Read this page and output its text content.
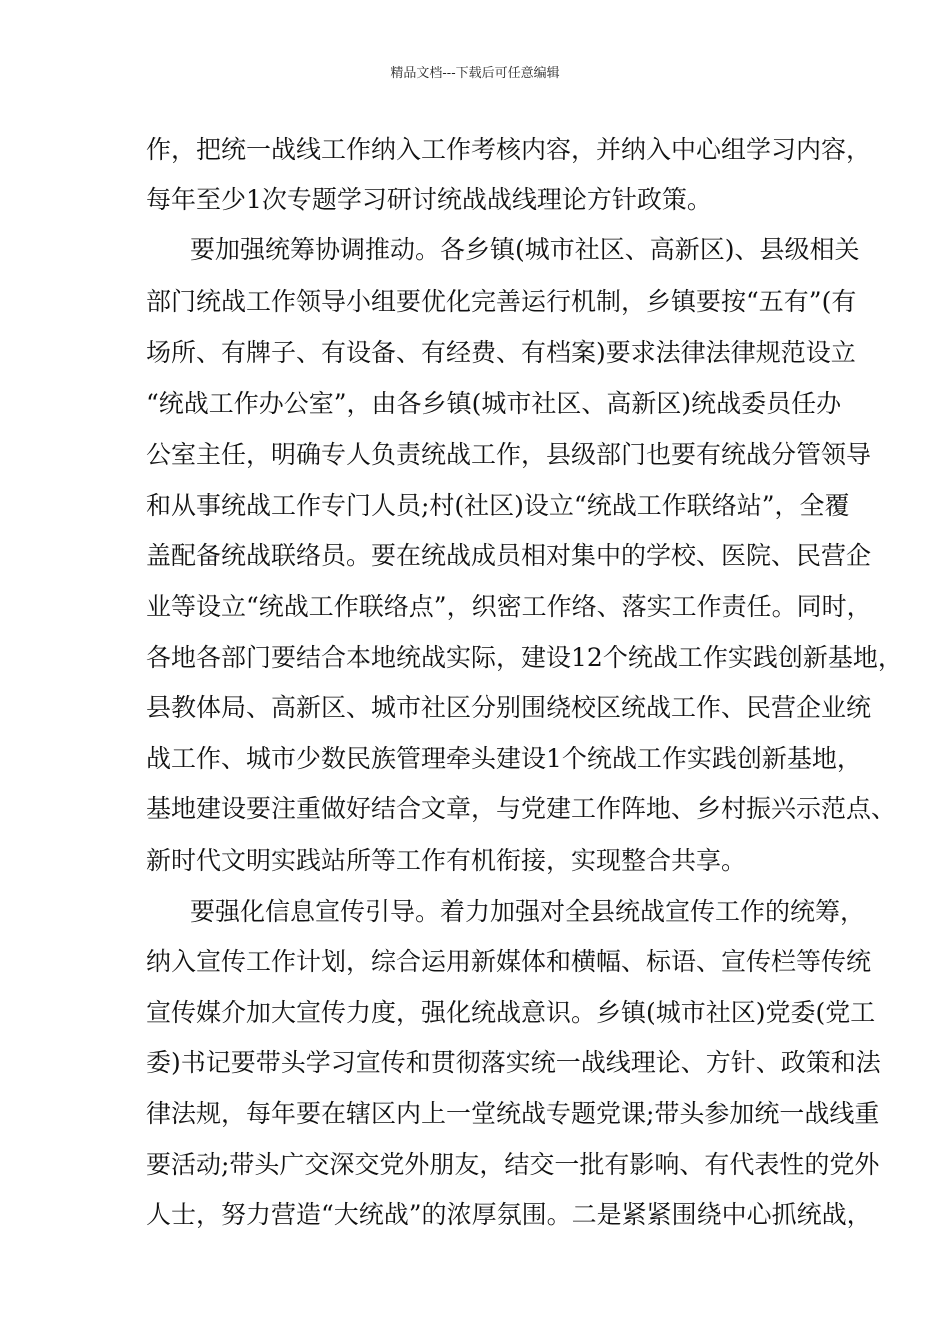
精品文档---下载后可任意编辑
作，把统一战线工作纳入工作考核内容，并纳入中心组学习内容，
每年至少1次专题学习研讨统战战线理论方针政策。
要加强统筹协调推动。各乡镇(城市社区、高新区)、县级相关
部门统战工作领导小组要优化完善运行机制，乡镇要按“五有”(有
场所、有牌子、有设备、有经费、有档案)要求法律法律规范设立
“统战工作办公室”，由各乡镇(城市社区、高新区)统战委员任办
公室主任，明确专人负责统战工作，县级部门也要有统战分管领导
和从事统战工作专门人员;村(社区)设立“统战工作联络站”，全覆
盖配备统战联络员。要在统战成员相对集中的学校、医院、民营企
业等设立“统战工作联络点”，织密工作络、落实工作责任。同时，
各地各部门要结合本地统战实际，建设12个统战工作实践创新基地，
县教体局、高新区、城市社区分别围绕校区统战工作、民营企业统
战工作、城市少数民族管理牵头建设1个统战工作实践创新基地，
基地建设要注重做好结合文章，与党建工作阵地、乡村振兴示范点、
新时代文明实践站所等工作有机衔接，实现整合共享。
要强化信息宣传引导。着力加强对全县统战宣传工作的统筹，
纳入宣传工作计划，综合运用新媒体和横幅、标语、宣传栏等传统
宣传媒介加大宣传力度，强化统战意识。乡镇(城市社区)党委(党工
委)书记要带头学习宣传和贯彻落实统一战线理论、方针、政策和法
律法规，每年要在辖区内上一堂统战专题党课;带头参加统一战线重
要活动;带头广交深交党外朋友，结交一批有影响、有代表性的党外
人士，努力营造“大统战”的浓厚氛围。二是紧紧围绕中心抓统战，
